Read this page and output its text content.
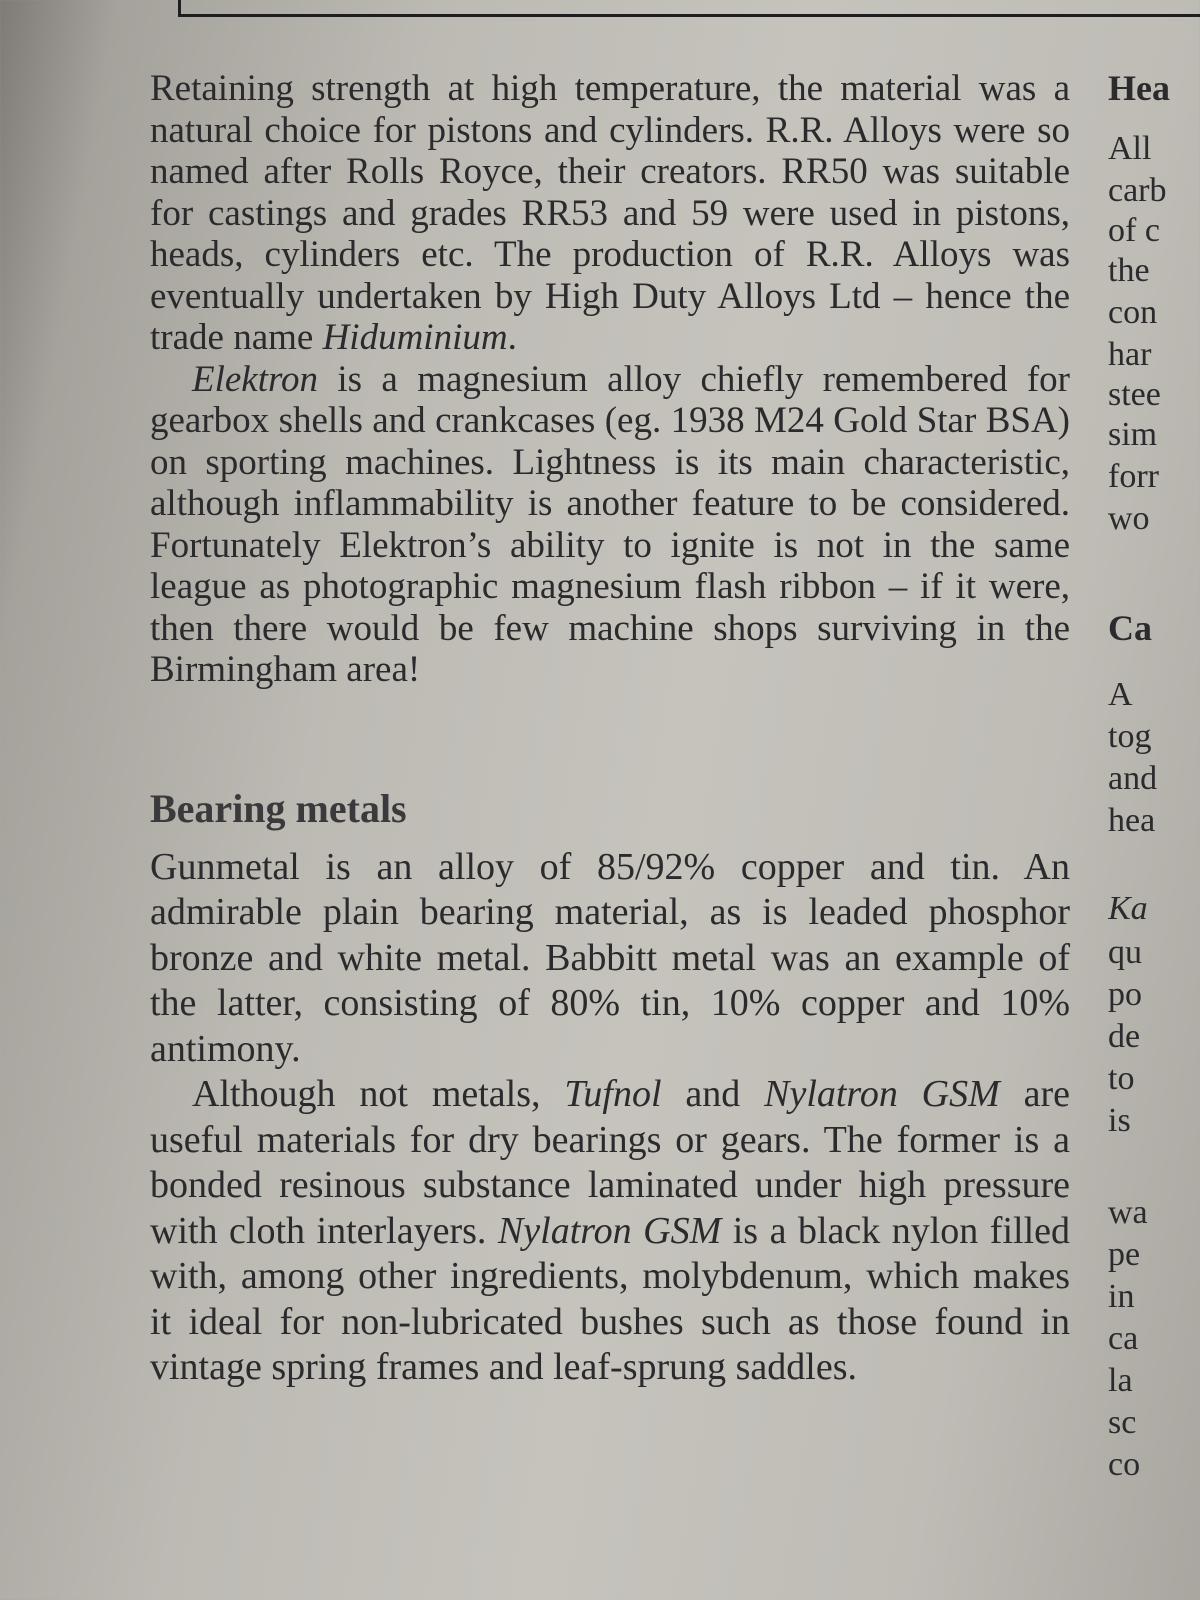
Retaining strength at high temperature, the material was a natural choice for pistons and cylinders. R.R. Alloys were so named after Rolls Royce, their creators. RR50 was suitable for castings and grades RR53 and 59 were used in pistons, heads, cylinders etc. The production of R.R. Alloys was eventually undertaken by High Duty Alloys Ltd – hence the trade name Hiduminium.

Elektron is a magnesium alloy chiefly remembered for gearbox shells and crankcases (eg. 1938 M24 Gold Star BSA) on sporting machines. Lightness is its main characteristic, although inflammability is another feature to be considered. Fortunately Elektron’s ability to ignite is not in the same league as photographic magnesium flash ribbon – if it were, then there would be few machine shops surviving in the Birmingham area!

Bearing metals

Gunmetal is an alloy of 85/92% copper and tin. An admirable plain bearing material, as is leaded phosphor bronze and white metal. Babbitt metal was an example of the latter, consisting of 80% tin, 10% copper and 10% antimony.

Although not metals, Tufnol and Nylatron GSM are useful materials for dry bearings or gears. The former is a bonded resinous substance laminated under high pressure with cloth interlayers. Nylatron GSM is a black nylon filled with, among other ingredients, molybdenum, which makes it ideal for non-lubricated bushes such as those found in vintage spring frames and leaf-sprung saddles.

Hea
All
carb
of c
the
con
har
stee
sim
forr
wo
Ca
A
tog
and
hea
Ka
qu
po
de
to
is
wa
pe
in
ca
la
sc
co
